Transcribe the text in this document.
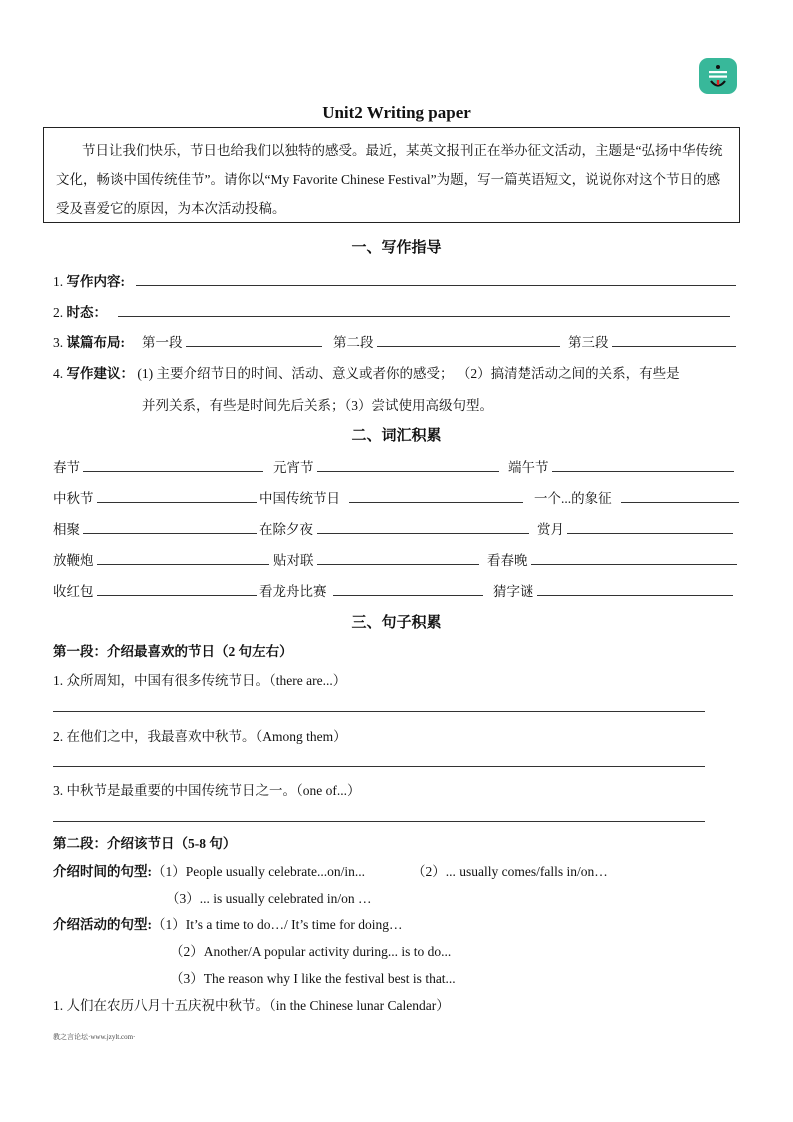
Unit2 Writing paper
节日让我们快乐，节日也给我们以独特的感受。最近，某英文报刊正在举办征文活动，主题是“弘扬中华传统文化，畅谈中国传统佳节”。请你以“My Favorite Chinese Festival”为题，写一篇英语短文，说说你对这个节日的感受及喜爱它的原因，为本次活动投稿。
一、写作指导
1. 写作内容:
2. 时态：
3. 谋篇布局: 第一段	第二段	第三段
4. 写作建议： (1) 主要介绍节日的时间、活动、意义或者你的感受； （2）搞清楚活动之间的关系，有些是
并列关系，有些是时间先后关系；（3）尝试使用高级句型。
二、词汇积累
春节	元宵节	端午节
中秋节	中国传统节日	一个...的象征
相聚	在除夕夜	赏月
放鞭炮	贴对联	看春晚
收红包	看龙舟比赛	猜字谜
三、句子积累
第一段：介绍最喜欢的节日（2 句左右）
1. 众所周知，中国有很多传统节日。（there are...）
2. 在他们之中，我最喜欢中秋节。（Among them）
3. 中秋节是最重要的中国传统节日之一。（one of...）
第二段：介绍该节日（5-8 句）
介绍时间的句型:（1）People usually celebrate...on/in...	（2）... usually comes/falls in/on…
（3）... is usually celebrated in/on …
介绍活动的句型:（1）It’s a time to do…/ It’s time for doing…
（2）Another/A popular activity during... is to do...
（3）The reason why I like the festival best is that...
1. 人们在农历八月十五庆祝中秋节。（in the Chinese lunar Calendar）
教之言论坛·www.jzylt.com·
